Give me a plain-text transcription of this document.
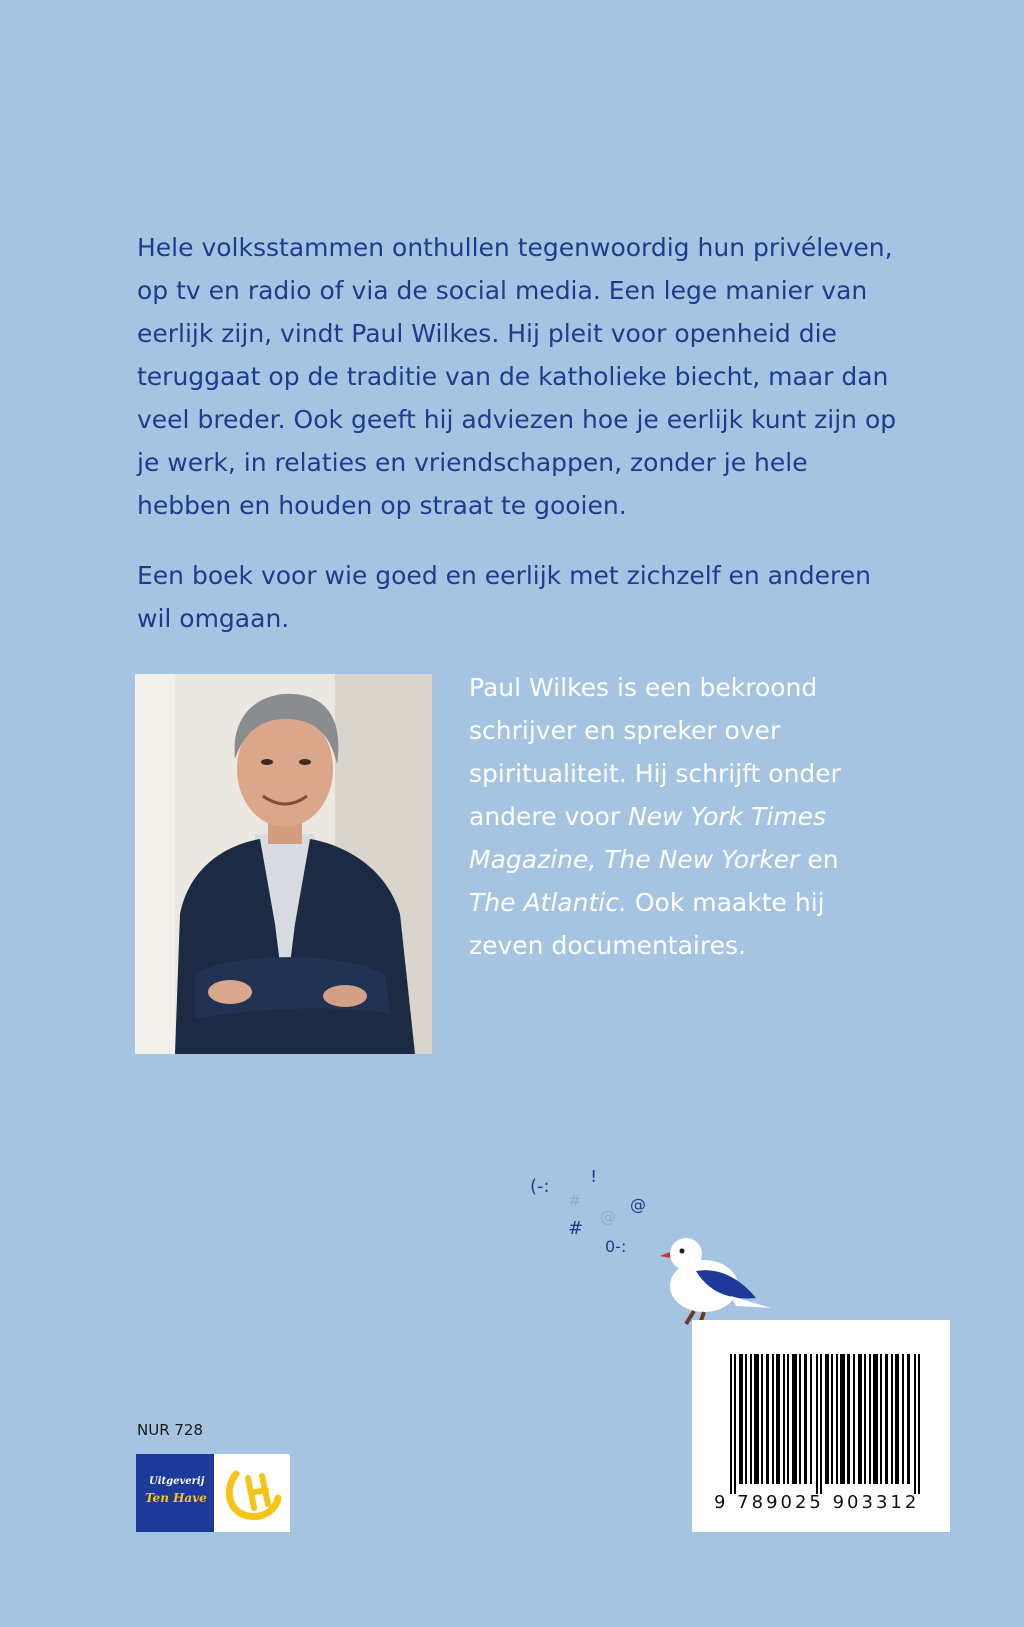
Hele volksstammen onthullen tegenwoordig hun privéleven, op tv en radio of via de social media. Een lege manier van eerlijk zijn, vindt Paul Wilkes. Hij pleit voor openheid die teruggaat op de traditie van de katholieke biecht, maar dan veel breder. Ook geeft hij adviezen hoe je eerlijk kunt zijn op je werk, in relaties en vriendschappen, zonder je hele hebben en houden op straat te gooien.

Een boek voor wie goed en eerlijk met zichzelf en anderen wil omgaan.

Paul Wilkes is een bekroond schrijver en spreker over spiritualiteit. Hij schrijft onder andere voor New York Times Magazine, The New Yorker en The Atlantic. Ook maakte hij zeven documentaires.

(-: !
#
@
@
#
0-:

9 789025 903312

NUR 728

Uitgeverij
Ten Have
